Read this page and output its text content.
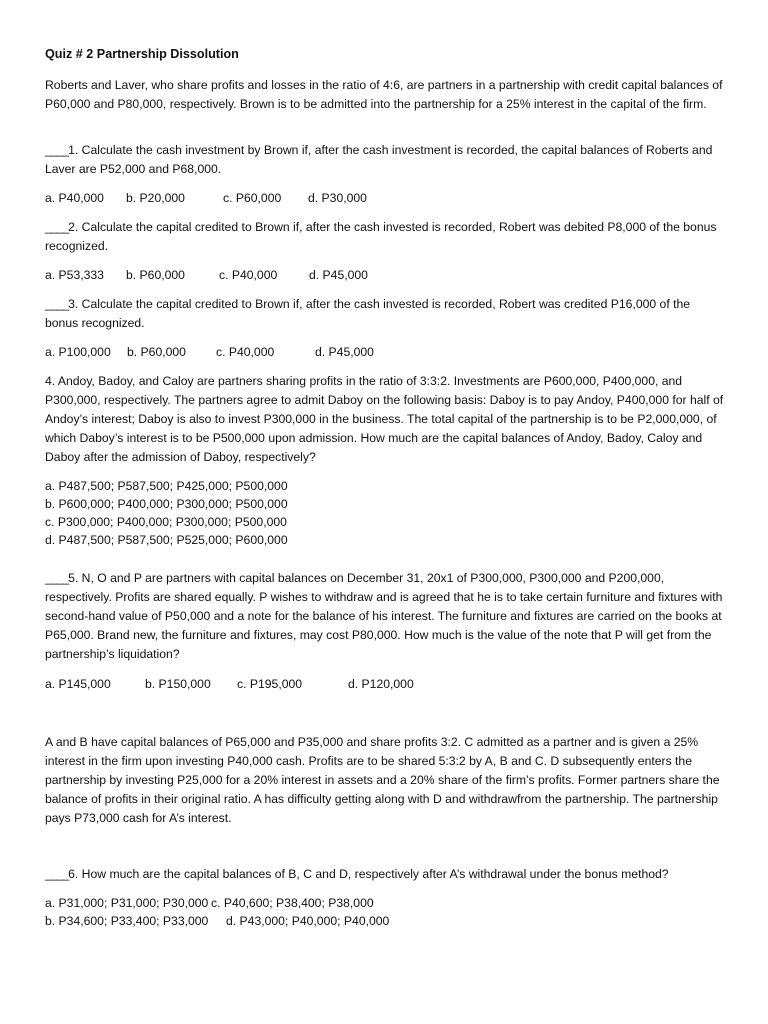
Quiz # 2 Partnership Dissolution

Roberts and Laver, who share profits and losses in the ratio of 4:6, are partners in a partnership with credit capital balances of P60,000 and P80,000, respectively. Brown is to be admitted into the partnership for a 25% interest in the capital of the firm.

____1. Calculate the cash investment by Brown if, after the cash investment is recorded, the capital balances of Roberts and Laver are P52,000 and P68,000.

a. P40,000 b. P20,000	c. P60,000 d. P30,000

____2. Calculate the capital credited to Brown if, after the cash invested is recorded, Robert was debited P8,000 of the bonus recognized.

a. P53,333 b. P60,000	c. P40,000	d. P45,000

____3. Calculate the capital credited to Brown if, after the cash invested is recorded, Robert was credited P16,000 of the bonus recognized.

a. P100,000 b. P60,000 c. P40,000	d. P45,000

4. Andoy, Badoy, and Caloy are partners sharing profits in the ratio of 3:3:2. Investments are P600,000, P400,000, and P300,000, respectively. The partners agree to admit Daboy on the following basis: Daboy is to pay Andoy, P400,000 for half of Andoy’s interest; Daboy is also to invest P300,000 in the business. The total capital of the partnership is to be P2,000,000, of which Daboy’s interest is to be P500,000 upon admission. How much are the capital balances of Andoy, Badoy, Caloy and Daboy after the admission of Daboy, respectively?

a. P487,500; P587,500; P425,000; P500,000
b. P600,000; P400,000; P300,000; P500,000
c. P300,000; P400,000; P300,000; P500,000
d. P487,500; P587,500; P525,000; P600,000

____5. N, O and P are partners with capital balances on December 31, 20x1 of P300,000, P300,000 and P200,000, respectively. Profits are shared equally. P wishes to withdraw and is agreed that he is to take certain furniture and fixtures with second-hand value of P50,000 and a note for the balance of his interest. The furniture and fixtures are carried on the books at P65,000. Brand new, the furniture and fixtures, may cost P80,000. How much is the value of the note that P will get from the partnership’s liquidation?

a. P145,000	b. P150,000 c. P195,000	d. P120,000

A and B have capital balances of P65,000 and P35,000 and share profits 3:2. C admitted as a partner and is given a 25% interest in the firm upon investing P40,000 cash. Profits are to be shared 5:3:2 by A, B and C. D subsequently enters the partnership by investing P25,000 for a 20% interest in assets and a 20% share of the firm’s profits. Former partners share the balance of profits in their original ratio. A has difficulty getting along with D and withdrawfrom the partnership. The partnership pays P73,000 cash for A’s interest.

____6. How much are the capital balances of B, C and D, respectively after A’s withdrawal under the bonus method?

a. P31,000; P31,000; P30,000 c. P40,600; P38,400; P38,000
b. P34,600; P33,400; P33,000 d. P43,000; P40,000; P40,000
